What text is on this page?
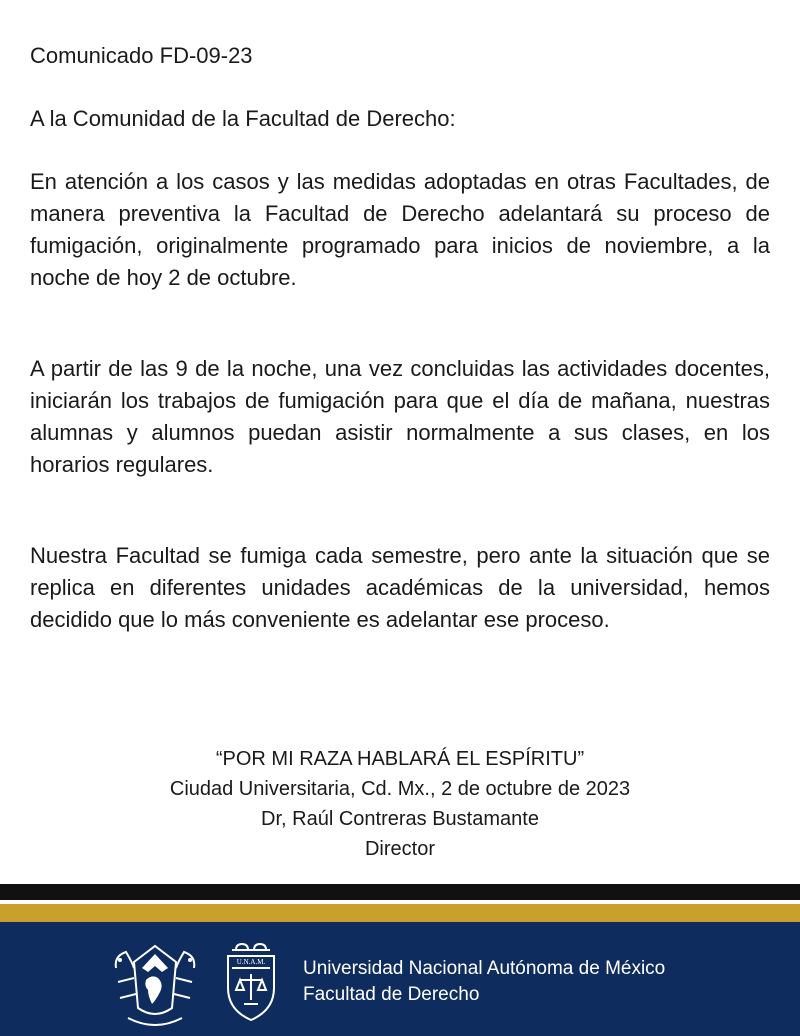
Comunicado FD-09-23
A la Comunidad de la Facultad de Derecho:

En atención a los casos y las medidas adoptadas en otras Facultades, de manera preventiva la Facultad de Derecho adelantará su proceso de fumigación, originalmente programado para inicios de noviembre, a la noche de hoy 2 de octubre.

A partir de las 9 de la noche, una vez concluidas las actividades docentes, iniciarán los trabajos de fumigación para que el día de mañana, nuestras alumnas y alumnos puedan asistir normalmente a sus clases, en los horarios regulares.

Nuestra Facultad se fumiga cada semestre, pero ante la situación que se replica en diferentes unidades académicas de la universidad, hemos decidido que lo más conveniente es adelantar ese proceso.

“POR MI RAZA HABLARÁ EL ESPÍRITU”
Ciudad Universitaria, Cd. Mx., 2 de octubre de 2023
Dr, Raúl Contreras Bustamante
Director
U.N.A.M. Universidad Nacional Autónoma de México
Facultad de Derecho
